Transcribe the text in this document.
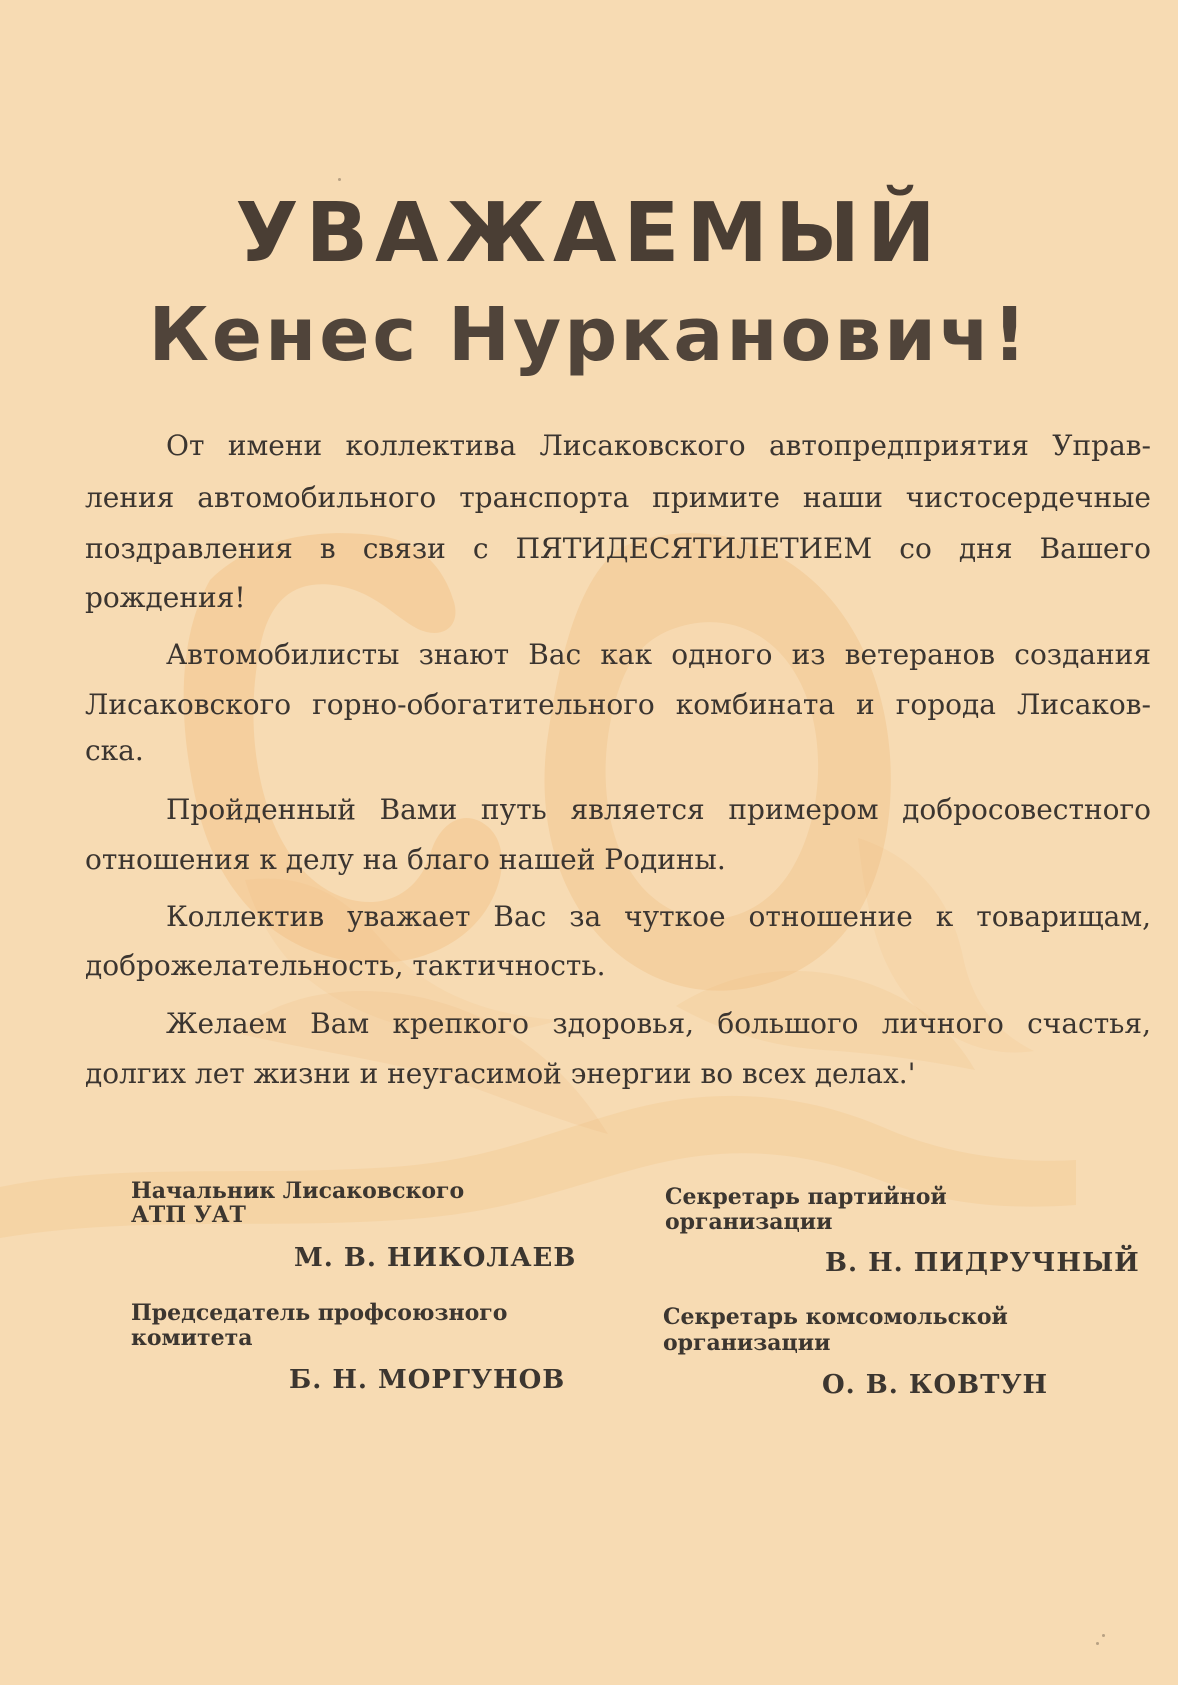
УВАЖАЕМЫЙ
Кенес Нурканович!
От имени коллектива Лисаковского автопредприятия Управ-
ления автомобильного транспорта примите наши чистосердечные
поздравления в связи с ПЯТИДЕСЯТИЛЕТИЕМ со дня Вашего
рождения!
Автомобилисты знают Вас как одного из ветеранов создания
Лисаковского горно-обогатительного комбината и города Лисаков-
ска.
Пройденный Вами путь является примером добросовестного
отношения к делу на благо нашей Родины.
Коллектив уважает Вас за чуткое отношение к товарищам,
доброжелательность, тактичность.
Желаем Вам крепкого здоровья, большого личного счастья,
долгих лет жизни и неугасимой энергии во всех делах.'
Начальник Лисаковского
АТП УАТ
М. В. НИКОЛАЕВ
Секретарь партийной
организации
В. Н. ПИДРУЧНЫЙ
Председатель профсоюзного
комитета
Б. Н. МОРГУНОВ
Секретарь комсомольской
организации
О. В. КОВТУН
